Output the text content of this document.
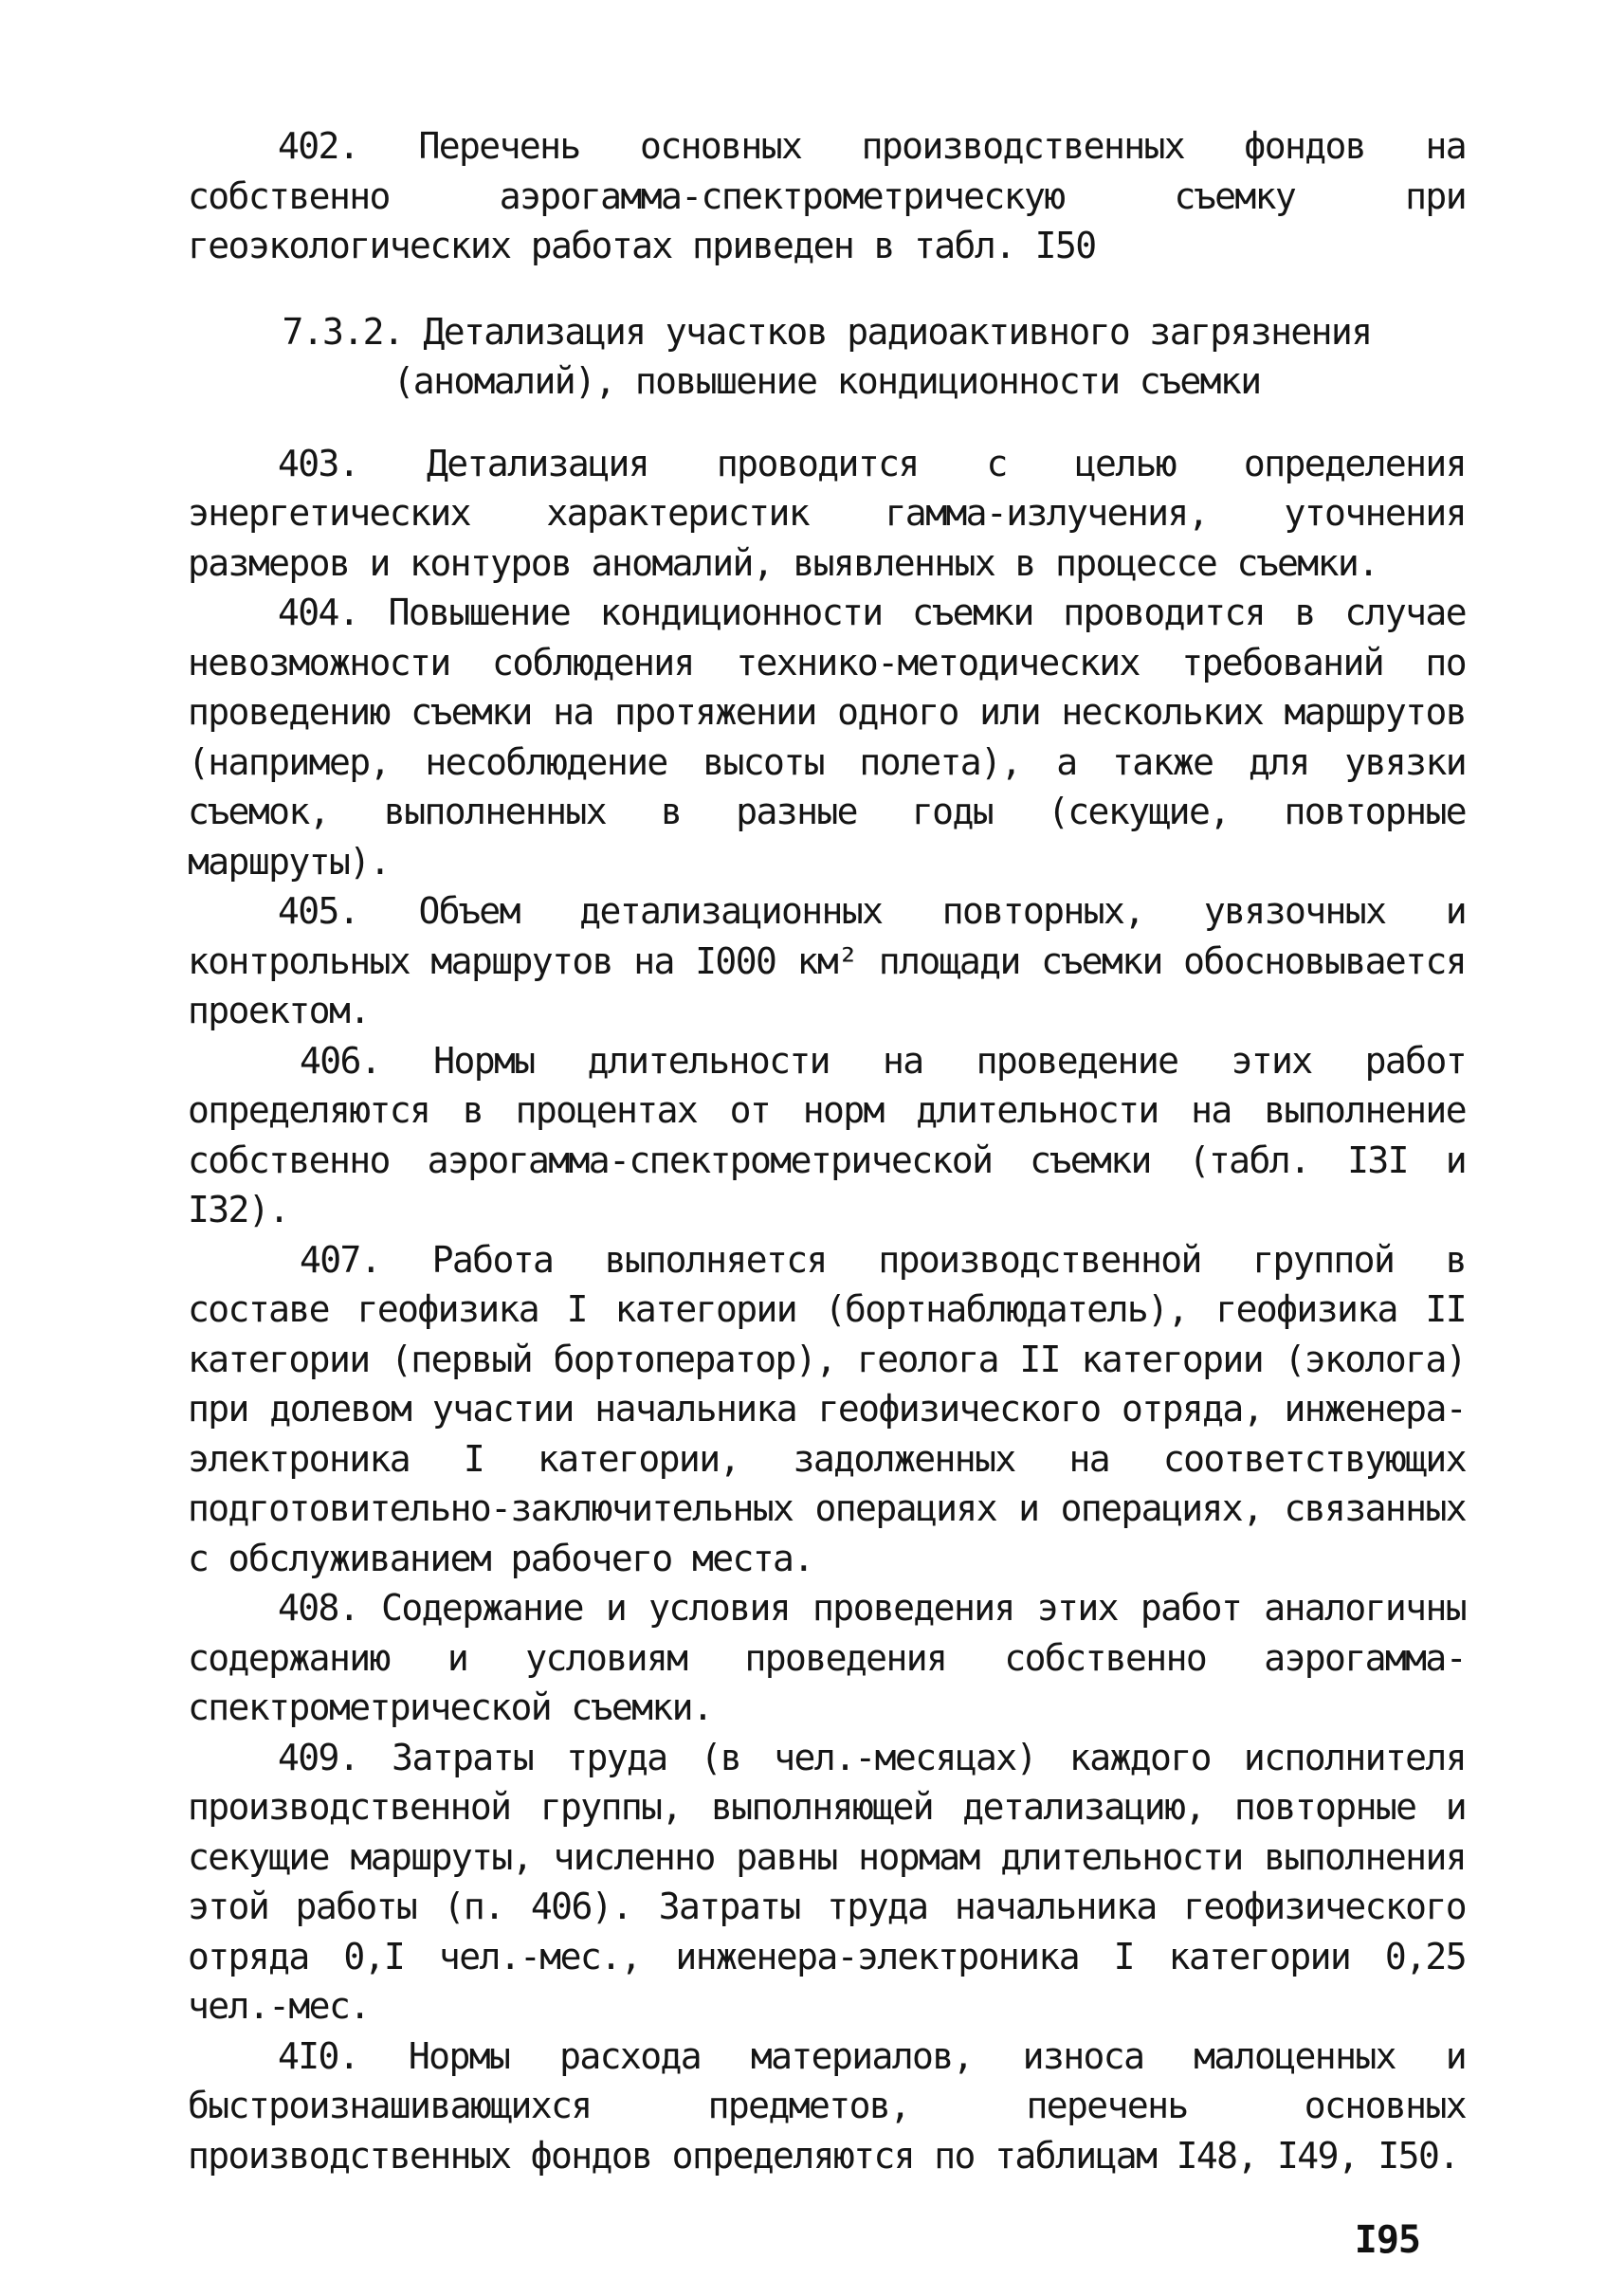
402. Перечень основных производственных фондов на собственно аэрогамма-спектрометрическую съемку при геоэкологических работах приведен в табл. I50

7.3.2. Детализация участков радиоактивного загрязнения (аномалий), повышение кондиционности съемки

403. Детализация проводится с целью определения энергетических характеристик гамма-излучения, уточнения размеров и контуров аномалий, выявленных в процессе съемки.

404. Повышение кондиционности съемки проводится в случае невозможности соблюдения технико-методических требований по проведению съемки на протяжении одного или нескольких маршрутов (например, несоблюдение высоты полета), а также для увязки съемок, выполненных в разные годы (секущие, повторные маршруты).

405. Объем детализационных повторных, увязочных и контрольных маршрутов на I000 км² площади съемки обосновывается проектом.

406. Нормы длительности на проведение этих работ определяются в процентах от норм длительности на выполнение собственно аэрогамма-спектрометрической съемки (табл. I3I и I32).

407. Работа выполняется производственной группой в составе геофизика I категории (бортнаблюдатель), геофизика II категории (первый бортоператор), геолога II категории (эколога) при долевом участии начальника геофизического отряда, инженера-электроника I категории, задолженных на соответствующих подготовительно-заключительных операциях и операциях, связанных с обслуживанием рабочего места.

408. Содержание и условия проведения этих работ аналогичны содержанию и условиям проведения собственно аэрогамма-спектрометрической съемки.

409. Затраты труда (в чел.-месяцах) каждого исполнителя производственной группы, выполняющей детализацию, повторные и секущие маршруты, численно равны нормам длительности выполнения этой работы (п. 406). Затраты труда начальника геофизического отряда 0,I чел.-мес., инженера-электроника I категории 0,25 чел.-мес.

4I0. Нормы расхода материалов, износа малоценных и быстроизнашивающихся предметов, перечень основных производственных фондов определяются по таблицам I48, I49, I50.

I95
